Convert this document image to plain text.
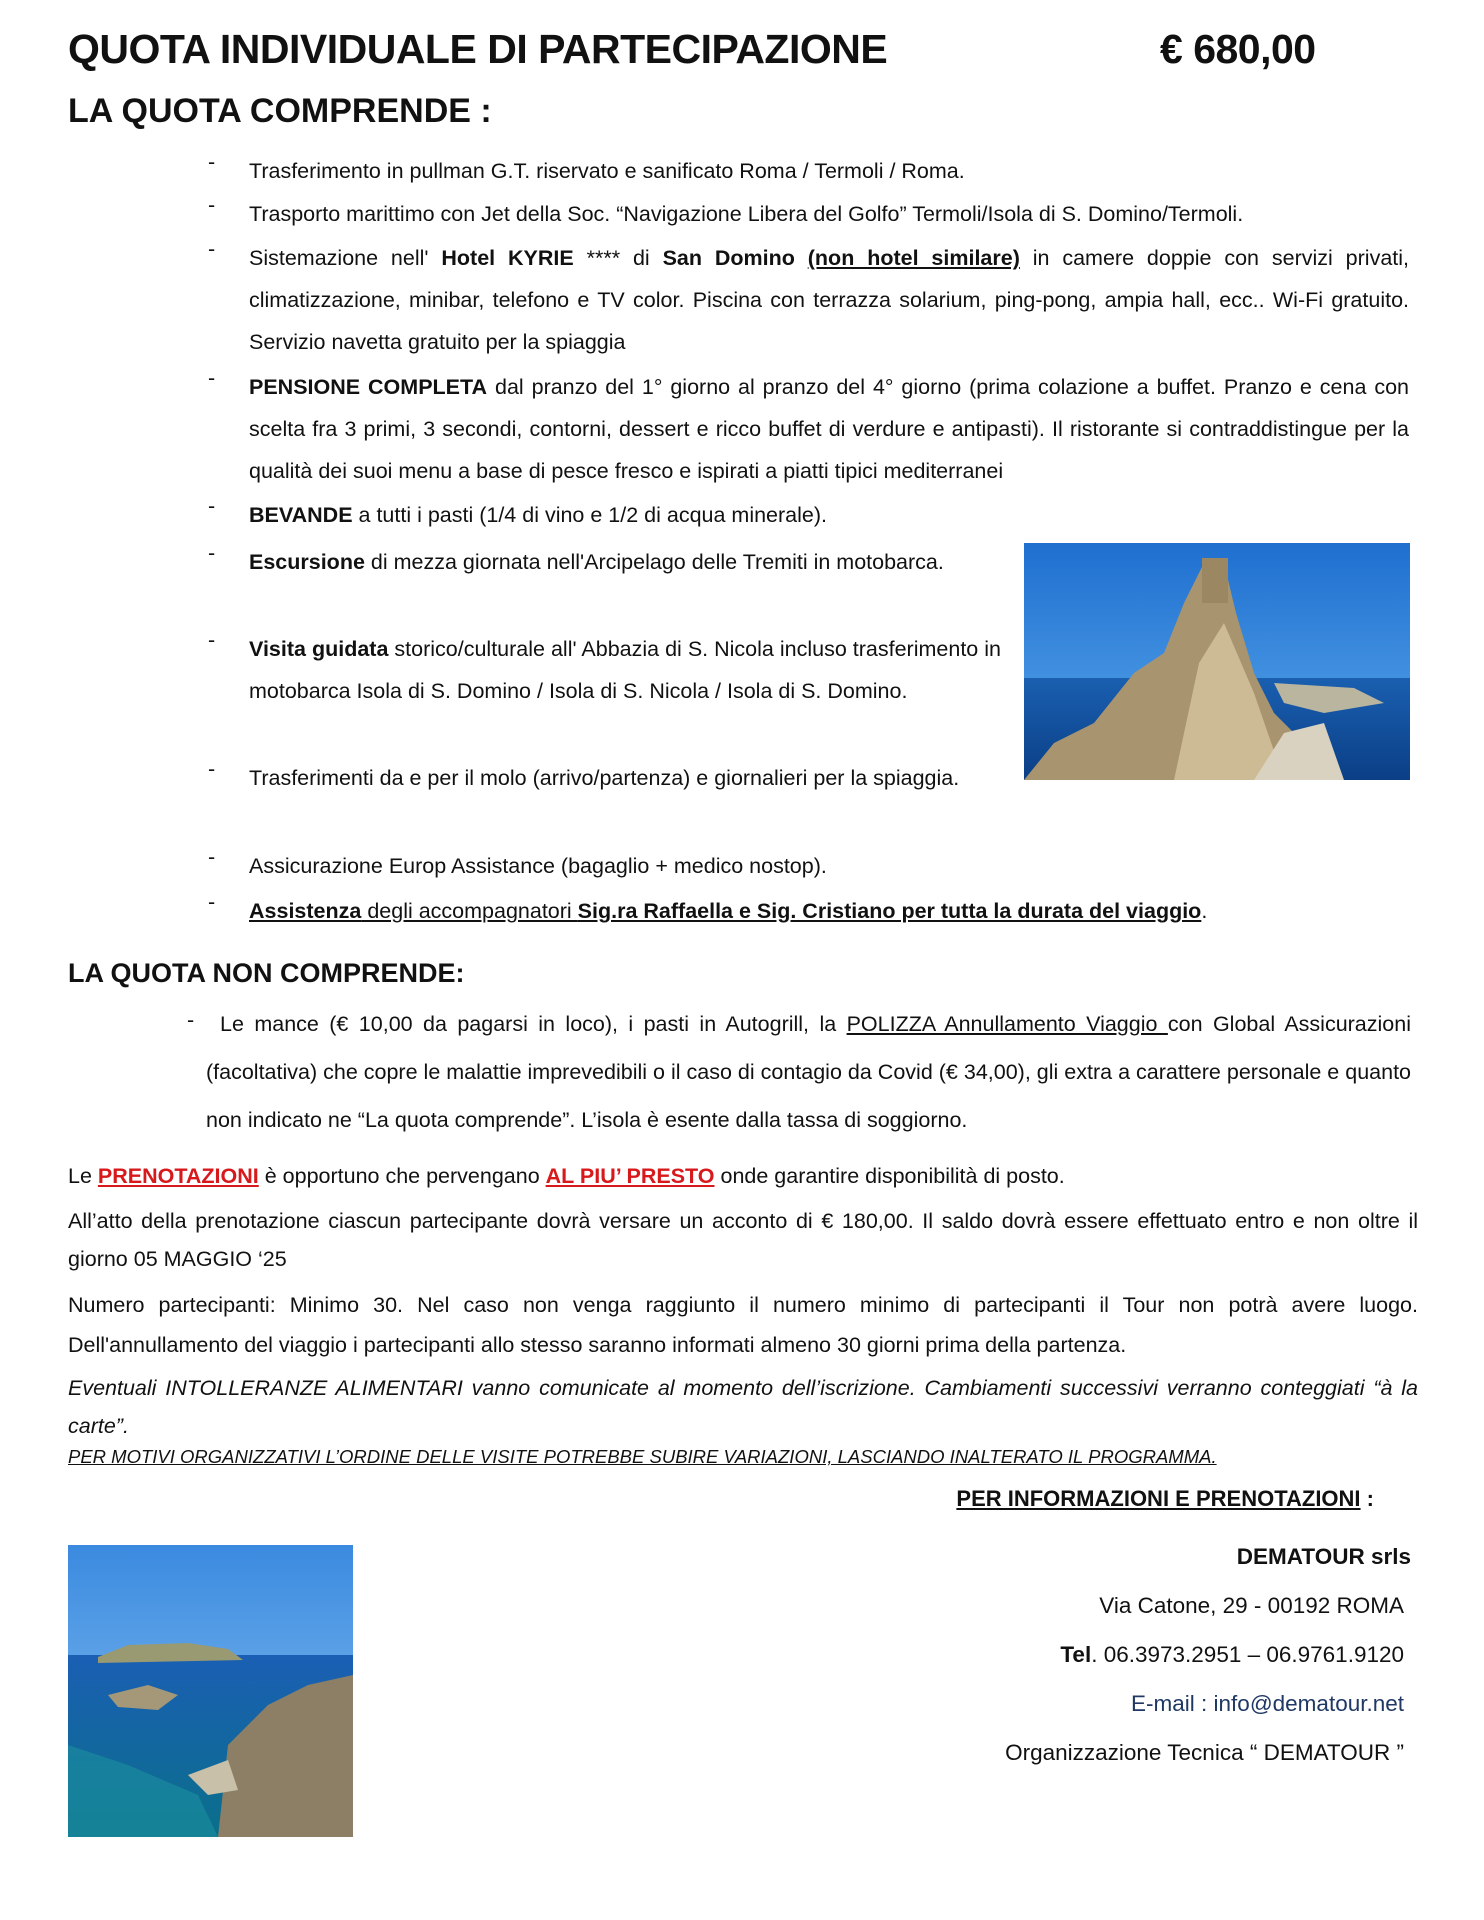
QUOTA INDIVIDUALE DI PARTECIPAZIONE	€ 680,00
LA QUOTA COMPRENDE :
- Trasferimento in pullman G.T. riservato e sanificato Roma / Termoli / Roma.
- Trasporto marittimo con Jet della Soc. “Navigazione Libera del Golfo” Termoli/Isola di S. Domino/Termoli.
- Sistemazione nell' Hotel KYRIE **** di San Domino (non hotel similare) in camere doppie con servizi privati, climatizzazione, minibar, telefono e TV color. Piscina con terrazza solarium, ping-pong, ampia hall, ecc.. Wi-Fi gratuito. Servizio navetta gratuito per la spiaggia
- PENSIONE COMPLETA dal pranzo del 1° giorno al pranzo del 4° giorno (prima colazione a buffet. Pranzo e cena con scelta fra 3 primi, 3 secondi, contorni, dessert e ricco buffet di verdure e antipasti). Il ristorante si contraddistingue per la qualità dei suoi menu a base di pesce fresco e ispirati a piatti tipici mediterranei
- BEVANDE a tutti i pasti (1/4 di vino e 1/2 di acqua minerale).
- Escursione di mezza giornata nell'Arcipelago delle Tremiti in motobarca.
- Visita guidata storico/culturale all' Abbazia di S. Nicola incluso trasferimento in motobarca Isola di S. Domino / Isola di S. Nicola / Isola di S. Domino.
- Trasferimenti da e per il molo (arrivo/partenza) e giornalieri per la spiaggia.
- Assicurazione Europ Assistance (bagaglio + medico nostop).
- Assistenza degli accompagnatori Sig.ra Raffaella e Sig. Cristiano per tutta la durata del viaggio.
LA QUOTA NON COMPRENDE:
-	Le mance (€ 10,00 da pagarsi in loco), i pasti in Autogrill, la POLIZZA Annullamento Viaggio con Global Assicurazioni (facoltativa) che copre le malattie imprevedibili o il caso di contagio da Covid (€ 34,00), gli extra a carattere personale e quanto non indicato ne “La quota comprende”. L’isola è esente dalla tassa di soggiorno.
Le PRENOTAZIONI è opportuno che pervengano AL PIU’ PRESTO onde garantire disponibilità di posto.
All’atto della prenotazione ciascun partecipante dovrà versare un acconto di € 180,00. Il saldo dovrà essere effettuato entro e non oltre il giorno 05 MAGGIO ‘25
Numero partecipanti: Minimo 30. Nel caso non venga raggiunto il numero minimo di partecipanti il Tour non potrà avere luogo. Dell'annullamento del viaggio i partecipanti allo stesso saranno informati almeno 30 giorni prima della partenza.
Eventuali INTOLLERANZE ALIMENTARI vanno comunicate al momento dell’iscrizione. Cambiamenti successivi verranno conteggiati “à la carte”.
PER MOTIVI ORGANIZZATIVI L’ORDINE DELLE VISITE POTREBBE SUBIRE VARIAZIONI, LASCIANDO INALTERATO IL PROGRAMMA.
PER INFORMAZIONI E PRENOTAZIONI :
DEMATOUR srls
Via Catone, 29 - 00192 ROMA
Tel. 06.3973.2951 – 06.9761.9120
E-mail : info@dematour.net
Organizzazione Tecnica “ DEMATOUR ”
